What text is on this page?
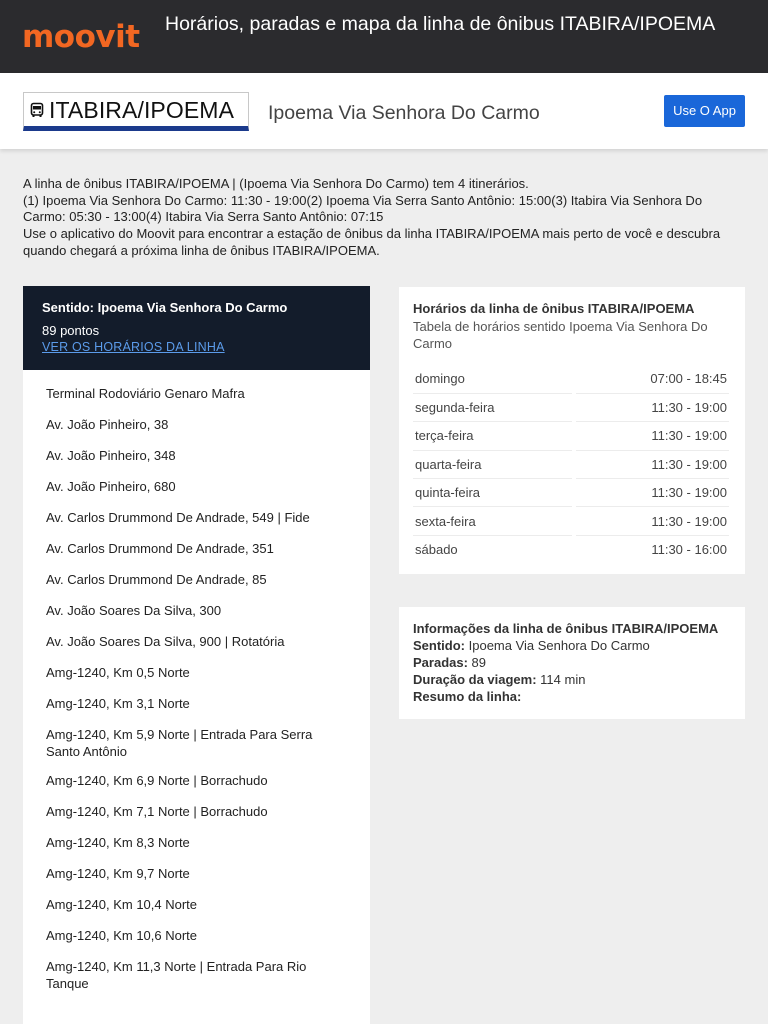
moovit Horários, paradas e mapa da linha de ônibus ITABIRA/IPOEMA
ITABIRA/IPOEMA Ipoema Via Senhora Do Carmo	Use O App
A linha de ônibus ITABIRA/IPOEMA | (Ipoema Via Senhora Do Carmo) tem 4 itinerários.
(1) Ipoema Via Senhora Do Carmo: 11:30 - 19:00(2) Ipoema Via Serra Santo Antônio: 15:00(3) Itabira Via Senhora Do Carmo: 05:30 - 13:00(4) Itabira Via Serra Santo Antônio: 07:15
Use o aplicativo do Moovit para encontrar a estação de ônibus da linha ITABIRA/IPOEMA mais perto de você e descubra quando chegará a próxima linha de ônibus ITABIRA/IPOEMA.
Sentido: Ipoema Via Senhora Do Carmo
89 pontos
VER OS HORÁRIOS DA LINHA
Terminal Rodoviário Genaro Mafra
Av. João Pinheiro, 38
Av. João Pinheiro, 348
Av. João Pinheiro, 680
Av. Carlos Drummond De Andrade, 549 | Fide
Av. Carlos Drummond De Andrade, 351
Av. Carlos Drummond De Andrade, 85
Av. João Soares Da Silva, 300
Av. João Soares Da Silva, 900 | Rotatória
Amg-1240, Km 0,5 Norte
Amg-1240, Km 3,1 Norte
Amg-1240, Km 5,9 Norte | Entrada Para Serra Santo Antônio
Amg-1240, Km 6,9 Norte | Borrachudo
Amg-1240, Km 7,1 Norte | Borrachudo
Amg-1240, Km 8,3 Norte
Amg-1240, Km 9,7 Norte
Amg-1240, Km 10,4 Norte
Amg-1240, Km 10,6 Norte
Amg-1240, Km 11,3 Norte | Entrada Para Rio Tanque
Horários da linha de ônibus ITABIRA/IPOEMA
Tabela de horários sentido Ipoema Via Senhora Do Carmo
domingo		07:00 - 18:45
segunda-feira		11:30 - 19:00
terça-feira		11:30 - 19:00
quarta-feira		11:30 - 19:00
quinta-feira		11:30 - 19:00
sexta-feira		11:30 - 19:00
sábado		11:30 - 16:00
Informações da linha de ônibus ITABIRA/IPOEMA
Sentido: Ipoema Via Senhora Do Carmo
Paradas: 89
Duração da viagem: 114 min
Resumo da linha:
